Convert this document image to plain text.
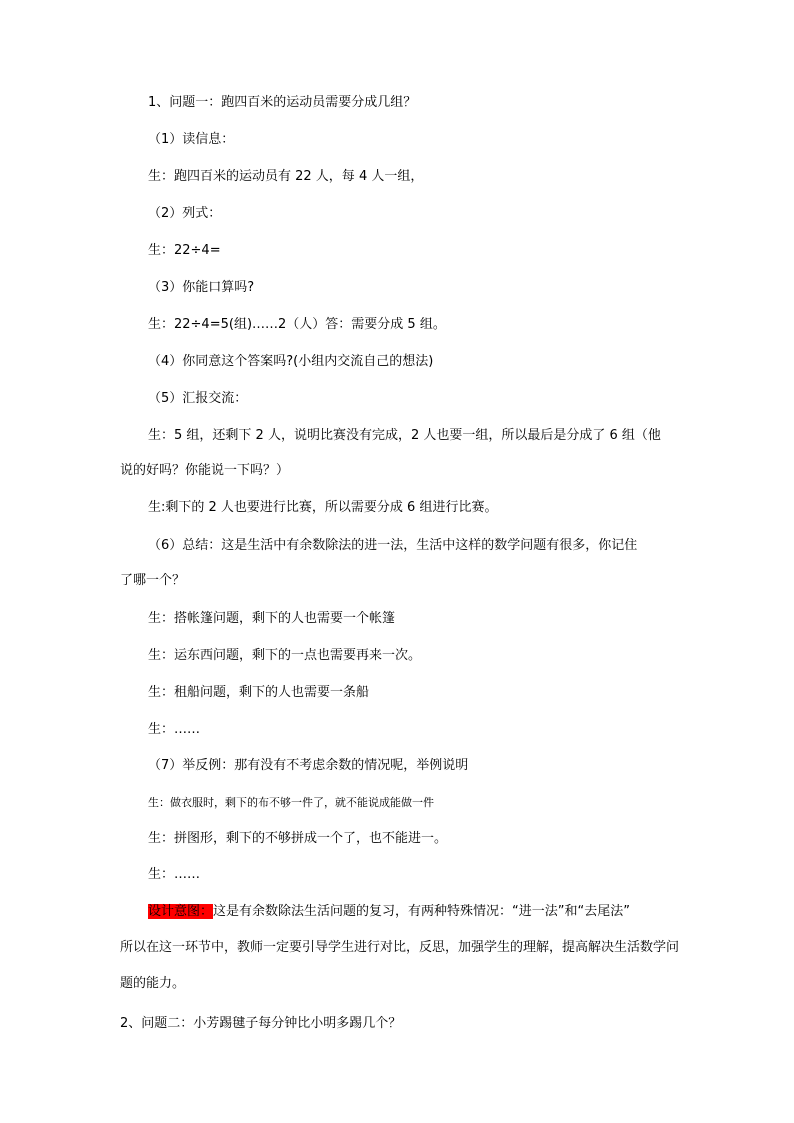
1、问题一：跑四百米的运动员需要分成几组？
（1）读信息：
生：跑四百米的运动员有 22 人，每 4 人一组，
（2）列式：
生：22÷4=
（3）你能口算吗?
生：22÷4=5(组)……2（人）答：需要分成 5 组。
（4）你同意这个答案吗?(小组内交流自己的想法)
（5）汇报交流：
生：5 组，还剩下 2 人，说明比赛没有完成，2 人也要一组，所以最后是分成了 6 组（他
说的好吗？你能说一下吗？）
生:剩下的 2 人也要进行比赛，所以需要分成 6 组进行比赛。
（6）总结：这是生活中有余数除法的进一法，生活中这样的数学问题有很多，你记住
了哪一个？
生：搭帐篷问题，剩下的人也需要一个帐篷
生：运东西问题，剩下的一点也需要再来一次。
生：租船问题，剩下的人也需要一条船
生：……
（7）举反例：那有没有不考虑余数的情况呢，举例说明
生：做衣服时，剩下的布不够一件了，就不能说成能做一件
生：拼图形，剩下的不够拼成一个了，也不能进一。
生：……
设计意图：这是有余数除法生活问题的复习，有两种特殊情况：“进一法”和“去尾法”
所以在这一环节中，教师一定要引导学生进行对比，反思，加强学生的理解，提高解决生活数学问
题的能力。
2、问题二：小芳踢毽子每分钟比小明多踢几个？
